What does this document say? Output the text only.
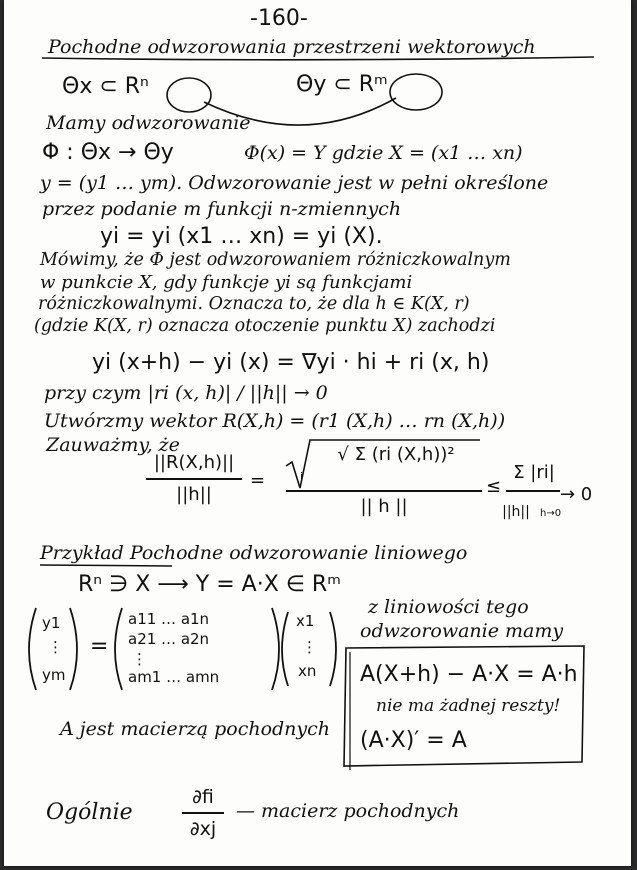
-160-
Pochodne odwzorowania przestrzeni wektorowych
Θx ⊂ Rⁿ	Θy ⊂ Rᵐ
Mamy odwzorowanie
Φ : Θx → Θy	Φ(x) = Y gdzie X = (x1 … xn)
y = (y1 … ym). Odwzorowanie jest w pełni określone
przez podanie m funkcji n-zmiennych
yi = yi (x1 … xn) = yi (X).
Mówimy, że Φ jest odwzorowaniem różniczkowalnym
w punkcie X, gdy funkcje yi są funkcjami
różniczkowalnymi. Oznacza to, że dla h ∈ K(X, r)
(gdzie K(X, r) oznacza otoczenie punktu X) zachodzi
yi (x+h) − yi (x) = ∇yi · hi + ri (x, h)
przy czym |ri (x, h)| / ||h|| → 0
Utwórzmy wektor R(X,h) = (r1 (X,h) … rn (X,h))
Zauważmy, że
||R(X,h)||
||h||
=
√ Σ (ri (X,h))²
i
|| h ||
≤
Σ |ri|
||h||	h→0
→ 0
Przykład Pochodne odwzorowanie liniowego
Rⁿ ∋ X ⟶ Y = A·X ∈ Rᵐ
y1
⋮
ym
=
a11 … a1n
a21 … a2n
⋮
am1 … amn
x1
⋮
xn
z liniowości tego
odwzorowanie mamy
A(X+h) − A·X = A·h
nie ma żadnej reszty!
(A·X)′ = A
A jest macierzą pochodnych
Ogólnie
∂fi
∂xj
— macierz pochodnych
